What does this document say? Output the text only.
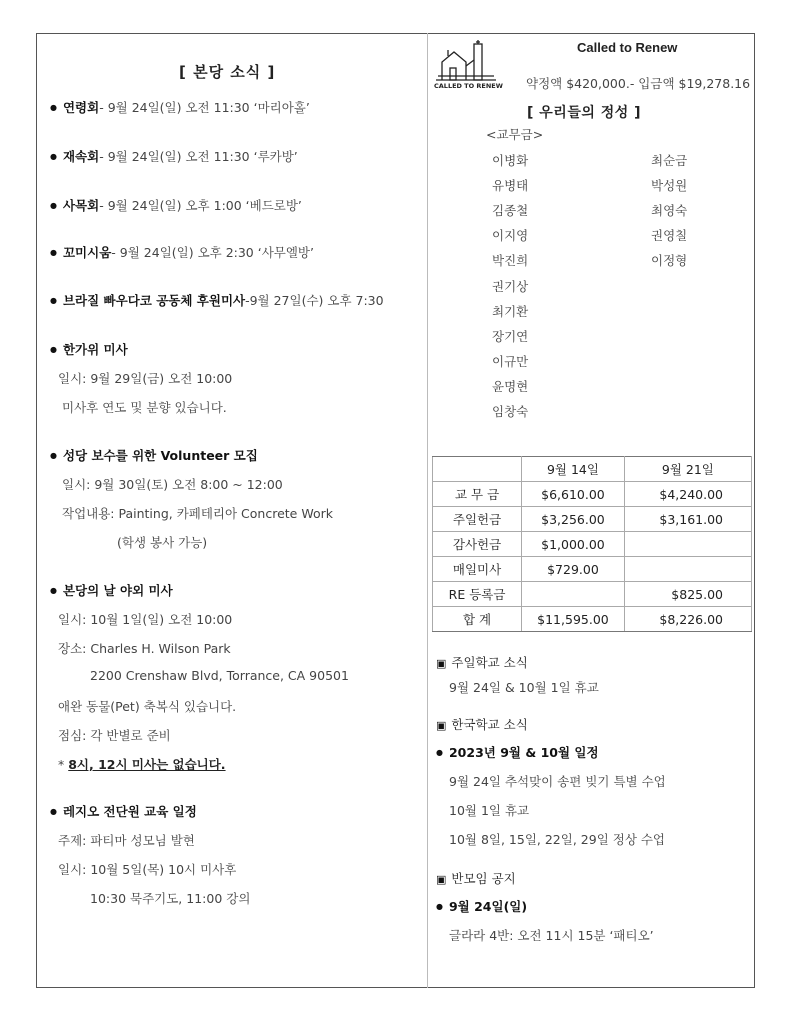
[ 본당 소식 ]
● 연령회- 9월 24일(일) 오전 11:30 ‘마리아홀’
● 재속회- 9월 24일(일) 오전 11:30 ‘루카방’
● 사목회- 9월 24일(일) 오후 1:00 ‘베드로방’
● 꼬미시움- 9월 24일(일) 오후 2:30 ‘사무엘방’
● 브라질 빠우다코 공동체 후원미사-9월 27일(수) 오후 7:30
● 한가위 미사
일시: 9월 29일(금) 오전 10:00
미사후 연도 및 분향 있습니다.
● 성당 보수를 위한 Volunteer 모집
일시: 9월 30일(토) 오전 8:00 ~ 12:00
작업내용: Painting, 카페테리아 Concrete Work
(학생 봉사 가능)
● 본당의 날 야외 미사
일시: 10월 1일(일) 오전 10:00
장소: Charles H. Wilson Park
2200 Crenshaw Blvd, Torrance, CA 90501
애완 동물(Pet) 축복식 있습니다.
점심: 각 반별로 준비
* 8시, 12시 미사는 없습니다.
● 레지오 전단원 교육 일정
주제: 파티마 성모님 발현
일시: 10월 5일(목) 10시 미사후
10:30 묵주기도, 11:00 강의
CALLED TO RENEW
Called to Renew
약정액 $420,000.- 입금액 $19,278.16
[ 우리들의 정성 ]
<교무금>
이병화
유병태
김종철
이지영
박진희
권기상
최기환
장기연
이규만
윤명현
임창숙
최순금
박성원
최영숙
권영칠
이정형
	9월 14일	9월 21일
교 무 금	$6,610.00	$4,240.00
주일헌금	$3,256.00	$3,161.00
감사헌금	$1,000.00	
매일미사	$729.00	
RE 등록금		$825.00
합 계	$11,595.00	$8,226.00
▣ 주일학교 소식
9월 24일 & 10월 1일 휴교
▣ 한국학교 소식
● 2023년 9월 & 10월 일정
9월 24일 추석맞이 송편 빚기 특별 수업
10월 1일 휴교
10월 8일, 15일, 22일, 29일 정상 수업
▣ 반모임 공지
● 9월 24일(일)
글라라 4반: 오전 11시 15분 ‘패티오’
